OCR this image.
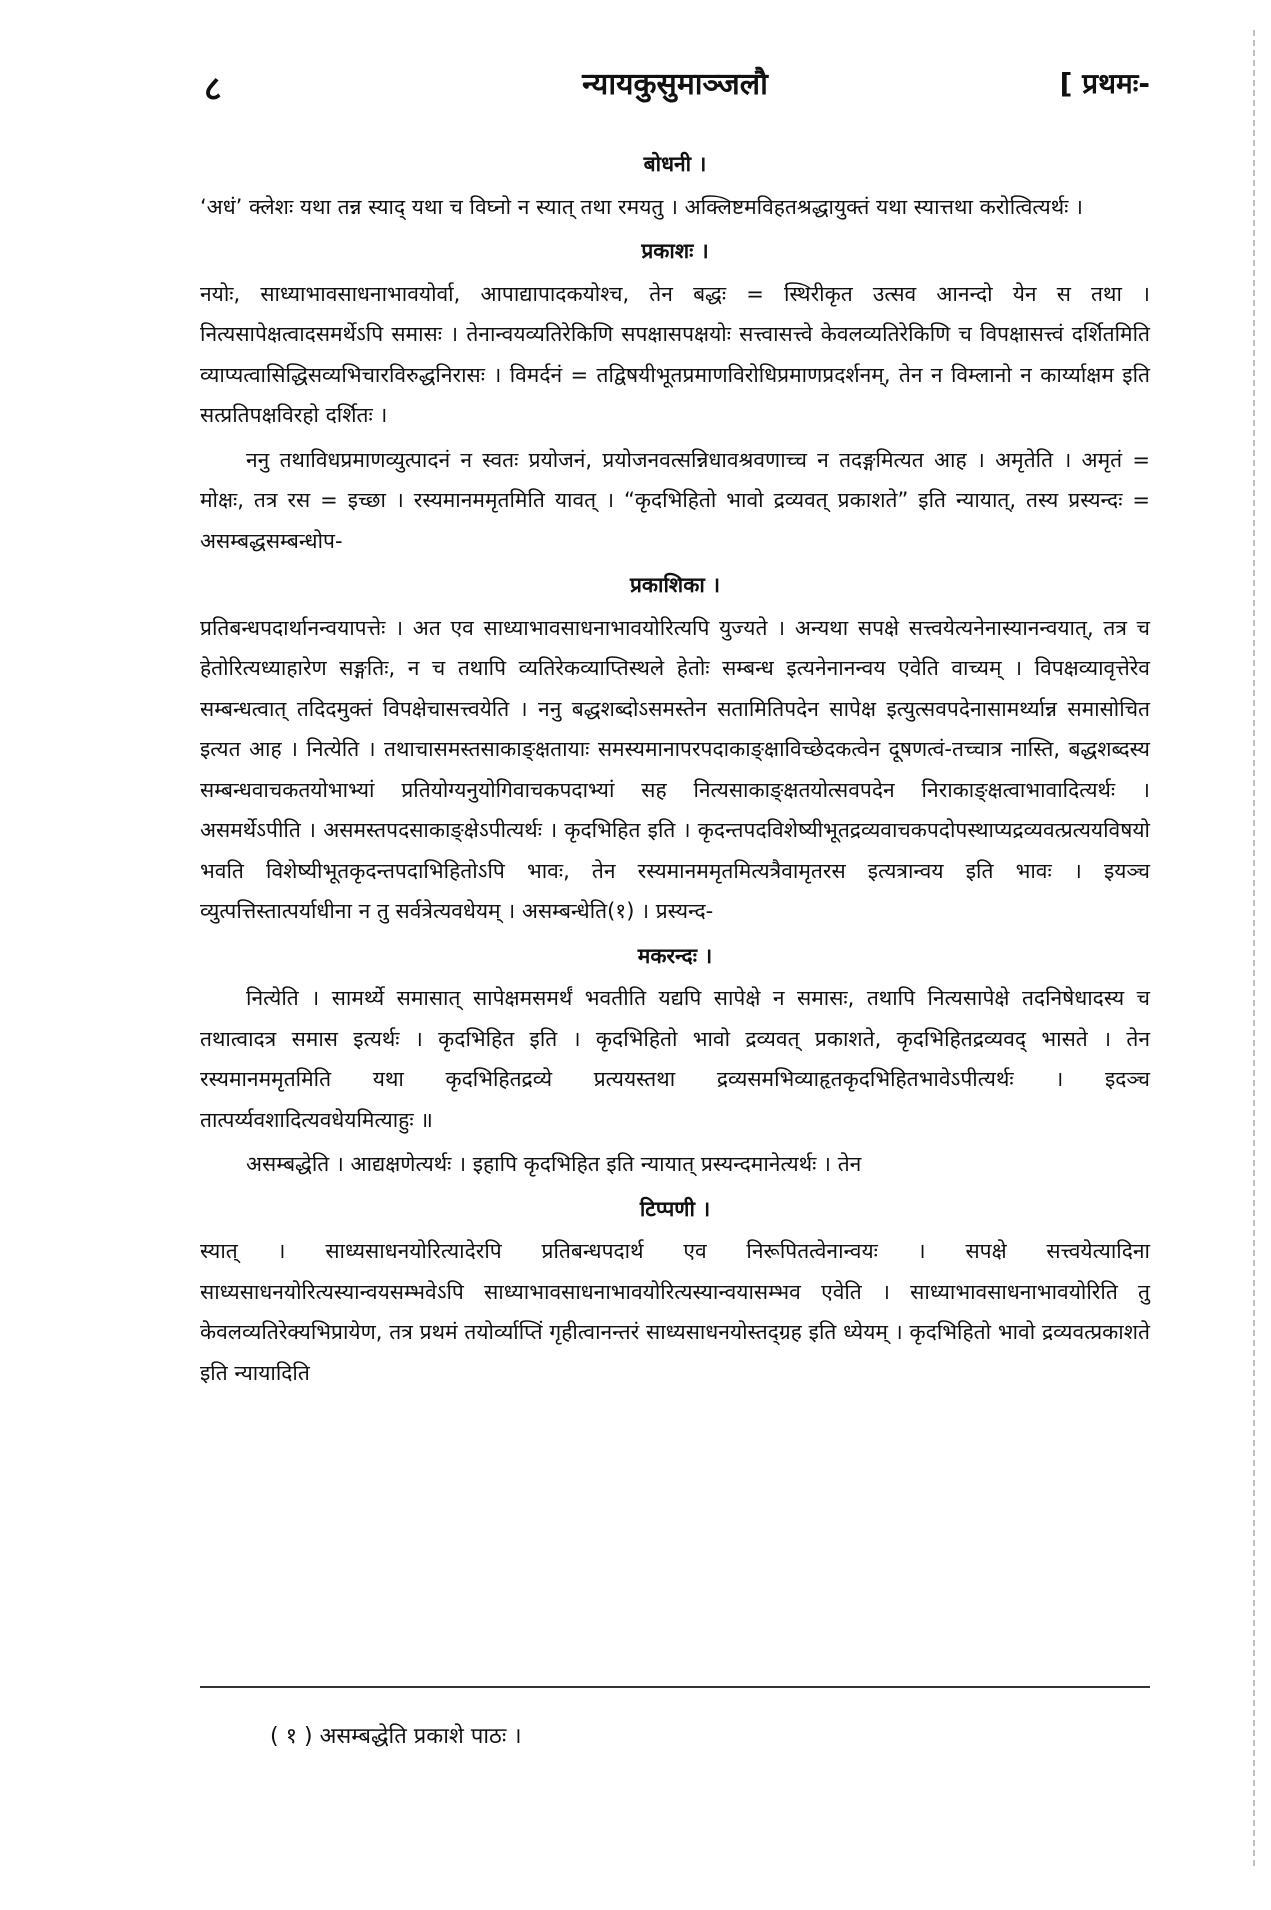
८	न्यायकुसुमाञ्जलौ	[ प्रथमः-
बोधनी ।

‘अधं’ क्लेशः यथा तन्न स्याद् यथा च विघ्नो न स्यात् तथा रमयतु । अक्लिष्टमविहतश्रद्धायुक्तं यथा स्यात्तथा करोत्वित्यर्थः ।

प्रकाशः ।

नयोः, साध्याभावसाधनाभावयोर्वा, आपाद्यापादकयोश्च, तेन बद्धः = स्थिरीकृत उत्सव आनन्दो येन स तथा । नित्यसापेक्षत्वादसमर्थेऽपि समासः । तेनान्वयव्यतिरेकिणि सपक्षासपक्षयोः सत्त्वासत्त्वे केवलव्यतिरेकिणि च विपक्षासत्त्वं दर्शितमिति व्याप्यत्वासिद्धिसव्यभिचारविरुद्धनिरासः । विमर्दनं = तद्विषयीभूतप्रमाणविरोधिप्रमाणप्रदर्शनम्, तेन न विम्लानो न कार्य्याक्षम इति सत्प्रतिपक्षविरहो दर्शितः ।

ननु तथाविधप्रमाणव्युत्पादनं न स्वतः प्रयोजनं, प्रयोजनवत्सन्निधावश्रवणाच्च न तदङ्गमित्यत आह । अमृतेति । अमृतं = मोक्षः, तत्र रस = इच्छा । रस्यमानममृतमिति यावत् । “कृदभिहितो भावो द्रव्यवत् प्रकाशते” इति न्यायात्, तस्य प्रस्यन्दः = असम्बद्धसम्बन्धोप-

प्रकाशिका ।

प्रतिबन्धपदार्थानन्वयापत्तेः । अत एव साध्याभावसाधनाभावयोरित्यपि युज्यते । अन्यथा सपक्षे सत्त्वयेत्यनेनास्यानन्वयात्, तत्र च हेतोरित्यध्याहारेण सङ्गतिः, न च तथापि व्यतिरेकव्याप्तिस्थले हेतोः सम्बन्ध इत्यनेनानन्वय एवेति वाच्यम् । विपक्षव्यावृत्तेरेव सम्बन्धत्वात् तदिदमुक्तं विपक्षेचासत्त्वयेति । ननु बद्धशब्दोऽसमस्तेन सतामितिपदेन सापेक्ष इत्युत्सवपदेनासामर्थ्यान्न समासोचित इत्यत आह । नित्येति । तथाचासमस्तसाकाङ्क्षतायाः समस्यमानापरपदाकाङ्क्षाविच्छेदकत्वेन दूषणत्वं-तच्चात्र नास्ति, बद्धशब्दस्य सम्बन्धवाचकतयोभाभ्यां प्रतियोग्यनुयोगिवाचकपदाभ्यां सह नित्यसाकाङ्क्षतयोत्सवपदेन निराकाङ्क्षत्वाभावादित्यर्थः । असमर्थेऽपीति । असमस्तपदसाकाङ्क्षेऽपीत्यर्थः । कृदभिहित इति । कृदन्तपदविशेष्यीभूतद्रव्यवाचकपदोपस्थाप्यद्रव्यवत्प्रत्ययविषयो भवति विशेष्यीभूतकृदन्तपदाभिहितोऽपि भावः, तेन रस्यमानममृतमित्यत्रैवामृतरस इत्यत्रान्वय इति भावः । इयञ्च व्युत्पत्तिस्तात्पर्याधीना न तु सर्वत्रेत्यवधेयम् । असम्बन्धेति(१) । प्रस्यन्द-

मकरन्दः ।

नित्येति । सामर्थ्ये समासात् सापेक्षमसमर्थं भवतीति यद्यपि सापेक्षे न समासः, तथापि नित्यसापेक्षे तदनिषेधादस्य च तथात्वादत्र समास इत्यर्थः । कृदभिहित इति । कृदभिहितो भावो द्रव्यवत् प्रकाशते, कृदभिहितद्रव्यवद् भासते । तेन रस्यमानममृतमिति यथा कृदभिहितद्रव्ये प्रत्ययस्तथा द्रव्यसमभिव्याहृतकृदभिहितभावेऽपीत्यर्थः । इदञ्च तात्पर्य्यवशादित्यवधेयमित्याहुः ॥

असम्बद्धेति । आद्यक्षणेत्यर्थः । इहापि कृदभिहित इति न्यायात् प्रस्यन्दमानेत्यर्थः । तेन

टिप्पणी ।

स्यात् । साध्यसाधनयोरित्यादेरपि प्रतिबन्धपदार्थ एव निरूपितत्वेनान्वयः । सपक्षे सत्त्वयेत्यादिना साध्यसाधनयोरित्यस्यान्वयसम्भवेऽपि साध्याभावसाधनाभावयोरित्यस्यान्वयासम्भव एवेति । साध्याभावसाधनाभावयोरिति तु केवलव्यतिरेक्यभिप्रायेण, तत्र प्रथमं तयोर्व्याप्तिं गृहीत्वानन्तरं साध्यसाधनयोस्तद्ग्रह इति ध्येयम् । कृदभिहितो भावो द्रव्यवत्प्रकाशते इति न्यायादिति

( १ ) असम्बद्धेति प्रकाशे पाठः ।
